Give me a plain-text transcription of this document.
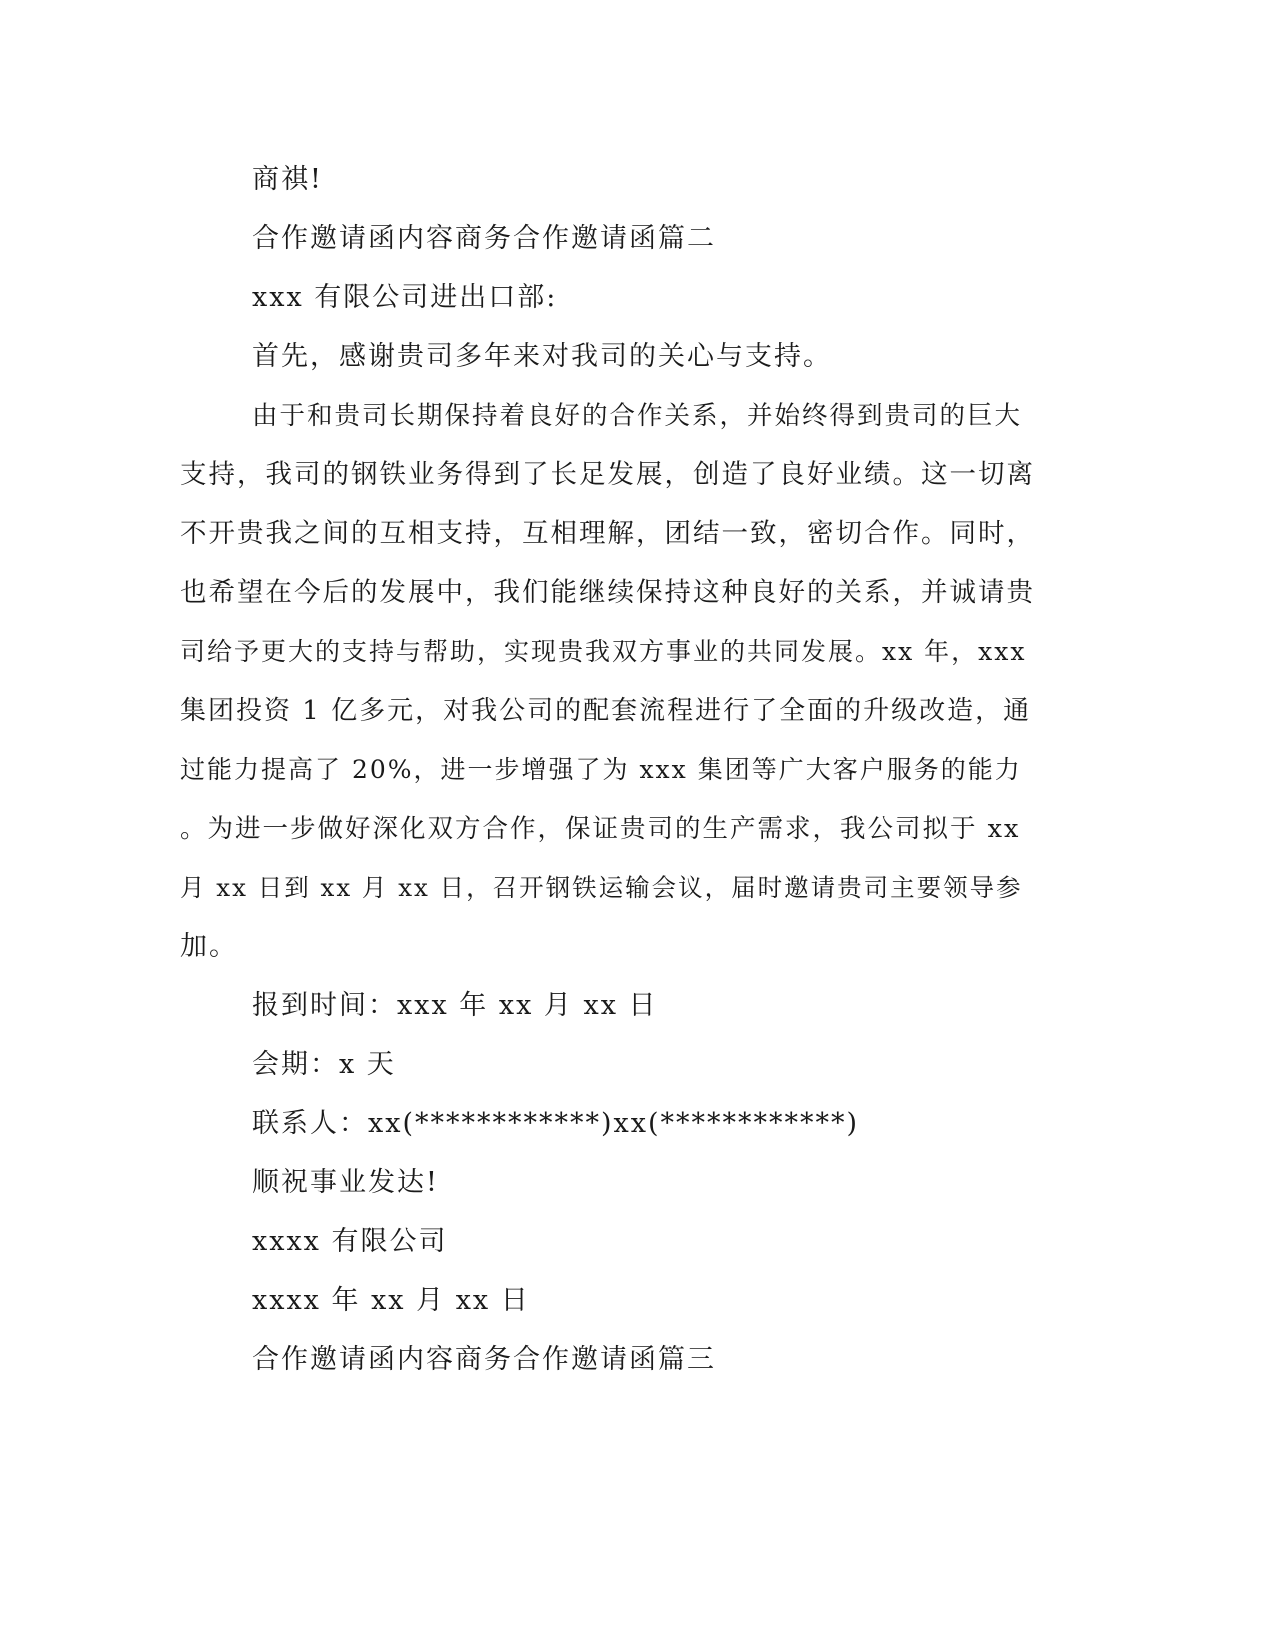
商祺!

合作邀请函内容商务合作邀请函篇二

xxx 有限公司进出口部:

首先，感谢贵司多年来对我司的关心与支持。

由于和贵司长期保持着良好的合作关系，并始终得到贵司的巨大

支持，我司的钢铁业务得到了长足发展，创造了良好业绩。这一切离

不开贵我之间的互相支持，互相理解，团结一致，密切合作。同时，

也希望在今后的发展中，我们能继续保持这种良好的关系，并诚请贵

司给予更大的支持与帮助，实现贵我双方事业的共同发展。xx 年，xxx

集团投资 1 亿多元，对我公司的配套流程进行了全面的升级改造，通

过能力提高了 20%，进一步增强了为 xxx 集团等广大客户服务的能力

。为进一步做好深化双方合作，保证贵司的生产需求，我公司拟于 xx

月 xx 日到 xx 月 xx 日，召开钢铁运输会议，届时邀请贵司主要领导参

加。

报到时间：xxx 年 xx 月 xx 日

会期：x 天

联系人：xx(************)xx(************)

顺祝事业发达!

xxxx 有限公司

xxxx 年 xx 月 xx 日

合作邀请函内容商务合作邀请函篇三
